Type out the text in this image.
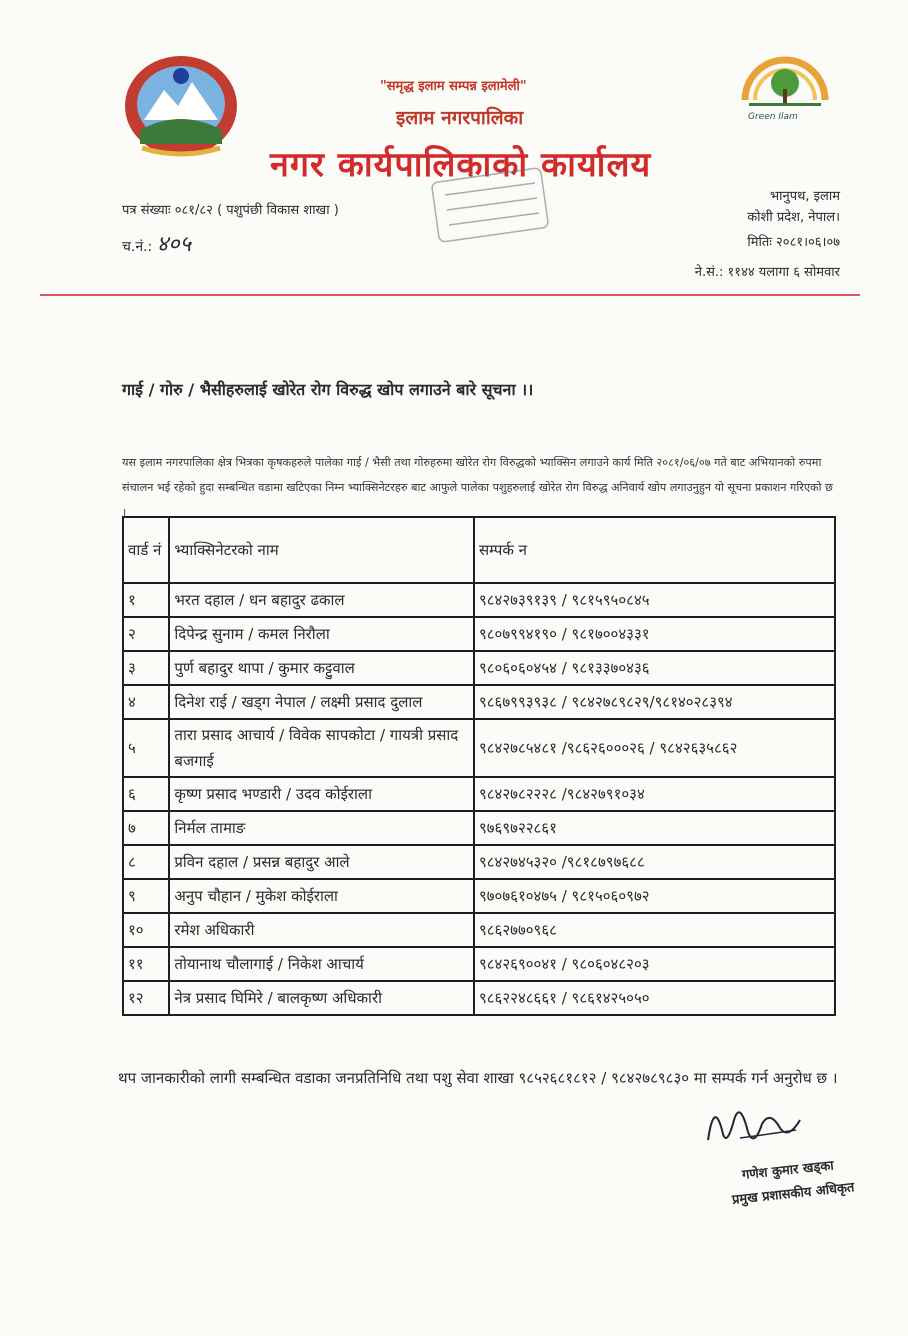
Green Ilam
"समृद्ध इलाम सम्पन्न इलामेली"
इलाम नगरपालिका
नगर कार्यपालिकाको कार्यालय
पत्र संख्याः ०८१/८२ ( पशुपंछी विकास शाखा )
च.नं.: ४०५
भानुपथ, इलाम
कोशी प्रदेश, नेपाल।
मितिः २०८१।०६।०७
ने.सं.: ११४४ यलागा ६ सोमवार
गाई / गोरु / भैसीहरुलाई खोरेत रोग विरुद्ध खोप लगाउने बारे सूचना ।।
यस इलाम नगरपालिका क्षेत्र भित्रका कृषकहरुले पालेका गाई / भैसी तथा गोरुहरुमा खोरेत रोग विरुद्धको भ्याक्सिन लगाउने कार्य मिति २०८१/०६/०७ गते बाट अभियानको रुपमा संचालन भई रहेको हुदा सम्बन्धित वडामा खटिएका निम्न भ्याक्सिनेटरहरु बाट आफुले पालेका पशुहरुलाई खोरेत रोग विरुद्ध अनिवार्य खोप लगाउनुहुन यो सूचना प्रकाशन गरिएको छ ।
वार्ड नं	भ्याक्सिनेटरको नाम	सम्पर्क न
१	भरत दहाल / धन बहादुर ढकाल	९८४२७३९१३९ / ९८१५९५०८४५
२	दिपेन्द्र सुनाम / कमल निरौला	९८०७९९४१९० / ९८१७००४३३१
३	पुर्ण बहादुर थापा / कुमार कट्टुवाल	९८०६०६०४५४ / ९८१३३७०४३६
४	दिनेश राई / खड्ग नेपाल / लक्ष्मी प्रसाद दुलाल	९८६७९९३९३८ / ९८४२७८९८२९/९८१४०२८३९४
५	तारा प्रसाद आचार्य / विवेक सापकोटा / गायत्री प्रसाद बजगाई	९८४२७८५४८१ /९८६२६०००२६ / ९८४२६३५८६२
६	कृष्ण प्रसाद भण्डारी / उदव कोईराला	९८४२७८२२२८ /९८४२७९१०३४
७	निर्मल तामाङ	९७६९७२२८६१
८	प्रविन दहाल / प्रसन्न बहादुर आले	९८४२७४५३२० /९८१८७९७६८८
९	अनुप चौहान / मुकेश कोईराला	९७०७६१०४७५ / ९८१५०६०९७२
१०	रमेश अधिकारी	९८६२७७०९६८
११	तोयानाथ चौलागाई / निकेश आचार्य	९८४२६९००४१ / ९८०६०४८२०३
१२	नेत्र प्रसाद घिमिरे / बालकृष्ण अधिकारी	९८६२२४८६६१ / ९८६१४२५०५०
थप जानकारीको लागी सम्बन्धित वडाका जनप्रतिनिधि तथा पशु सेवा शाखा ९८५२६८१८१२ / ९८४२७८९८३० मा सम्पर्क गर्न अनुरोध छ ।
गणेश कुमार खड्का
प्रमुख प्रशासकीय अधिकृत
